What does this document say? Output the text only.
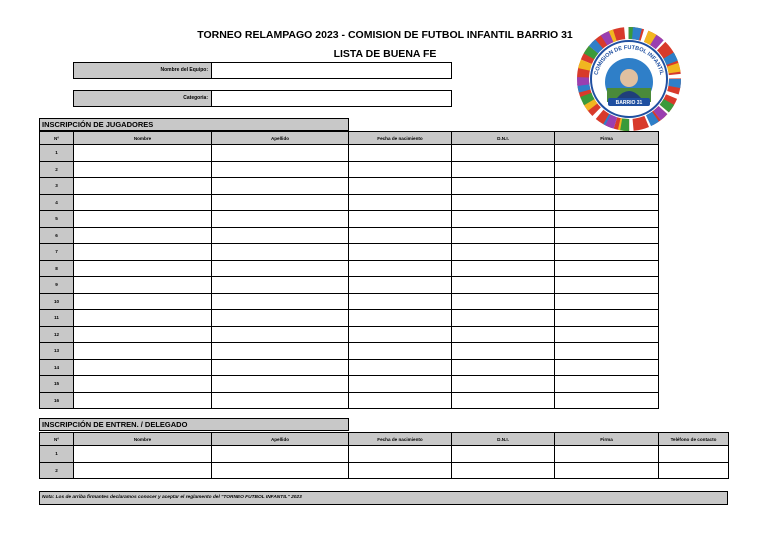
TORNEO RELAMPAGO 2023 - COMISION DE FUTBOL INFANTIL BARRIO 31
LISTA DE BUENA FE
Nombre del Equipo:
Categoria:
COMISION DE FUTBOL INFANTIL
BARRIO 31
INSCRIPCIÓN DE JUGADORES
Nº	Nombre	Apellido	Fecha de nacimiento	D.N.I.	Firma
1					
2					
3					
4					
5					
6					
7					
8					
9					
10					
11					
12					
13					
14					
15					
16					
INSCRIPCIÓN DE ENTREN. / DELEGADO
Nº	Nombre	Apellido	Fecha de nacimiento	D.N.I.	Firma	Teléfono de contacto
1						
2						
Nota: Los de arriba firmantes declaramos conocer y aceptar el reglamento del "TORNEO FUTBOL INFANTIL" 2023
